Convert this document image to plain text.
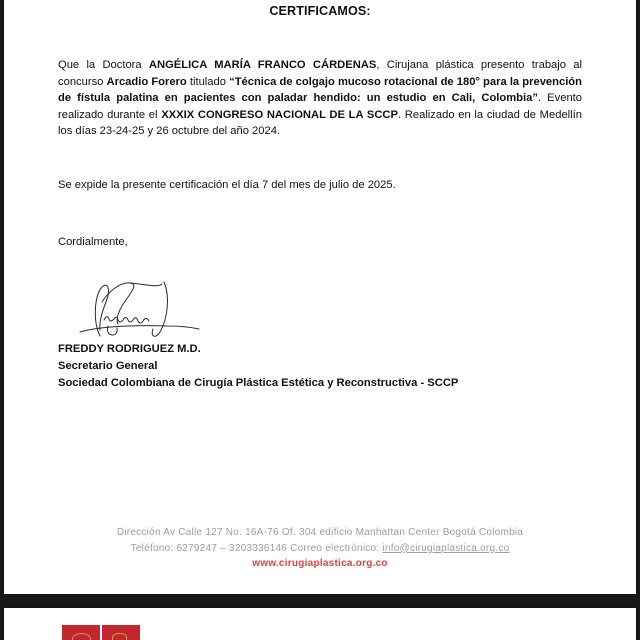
CERTIFICAMOS:
Que la Doctora ANGÉLICA MARÍA FRANCO CÁRDENAS, Cirujana plástica presento trabajo al concurso Arcadio Forero titulado “Técnica de colgajo mucoso rotacional de 180° para la prevención de fístula palatina en pacientes con paladar hendido: un estudio en Cali, Colombia”. Evento realizado durante el XXXIX CONGRESO NACIONAL DE LA SCCP. Realizado en la ciudad de Medellín los días 23-24-25 y 26 octubre del año 2024.
Se expide la presente certificación el día 7 del mes de julio de 2025.
Cordialmente,
FREDDY RODRIGUEZ M.D.
Secretario General
Sociedad Colombiana de Cirugía Plástica Estética y Reconstructiva - SCCP
Dirección Av Calle 127 No. 16A-76 Of. 304 edificio Manhattan Center Bogotá Colombia
Teléfono: 6279247 – 3203336146 Correo electrónico: info@cirugiaplastica.org.co
www.cirugiaplastica.org.co
